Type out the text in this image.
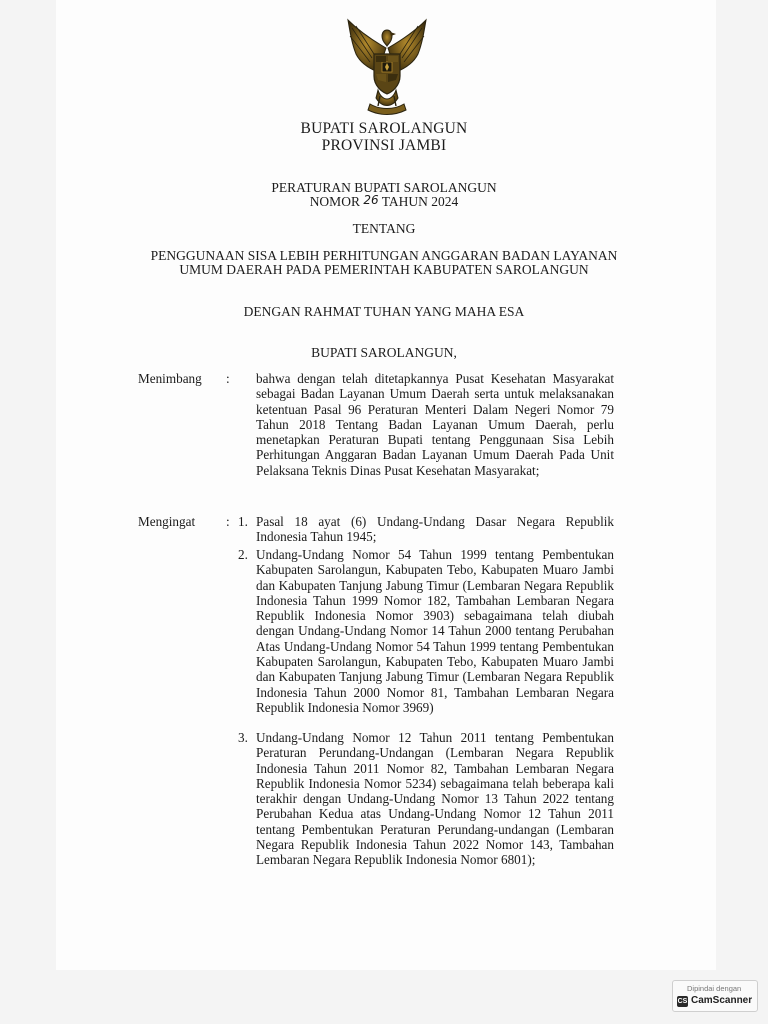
BUPATI SAROLANGUN
PROVINSI JAMBI
PERATURAN BUPATI SAROLANGUN
NOMOR 26 TAHUN 2024
TENTANG
PENGGUNAAN SISA LEBIH PERHITUNGAN ANGGARAN BADAN LAYANAN
UMUM DAERAH PADA PEMERINTAH KABUPATEN SAROLANGUN
DENGAN RAHMAT TUHAN YANG MAHA ESA
BUPATI SAROLANGUN,
Menimbang : bahwa dengan telah ditetapkannya Pusat Kesehatan Masyarakat sebagai Badan Layanan Umum Daerah serta untuk melaksanakan ketentuan Pasal 96 Peraturan Menteri Dalam Negeri Nomor 79 Tahun 2018 Tentang Badan Layanan Umum Daerah, perlu menetapkan Peraturan Bupati tentang Penggunaan Sisa Lebih Perhitungan Anggaran Badan Layanan Umum Daerah Pada Unit Pelaksana Teknis Dinas Pusat Kesehatan Masyarakat;
Mengingat : 1. Pasal 18 ayat (6) Undang-Undang Dasar Negara Republik Indonesia Tahun 1945;
2. Undang-Undang Nomor 54 Tahun 1999 tentang Pembentukan Kabupaten Sarolangun, Kabupaten Tebo, Kabupaten Muaro Jambi dan Kabupaten Tanjung Jabung Timur (Lembaran Negara Republik Indonesia Tahun 1999 Nomor 182, Tambahan Lembaran Negara Republik Indonesia Nomor 3903) sebagaimana telah diubah dengan Undang-Undang Nomor 14 Tahun 2000 tentang Perubahan Atas Undang-Undang Nomor 54 Tahun 1999 tentang Pembentukan Kabupaten Sarolangun, Kabupaten Tebo, Kabupaten Muaro Jambi dan Kabupaten Tanjung Jabung Timur (Lembaran Negara Republik Indonesia Tahun 2000 Nomor 81, Tambahan Lembaran Negara Republik Indonesia Nomor 3969)
3. Undang-Undang Nomor 12 Tahun 2011 tentang Pembentukan Peraturan Perundang-Undangan (Lembaran Negara Republik Indonesia Tahun 2011 Nomor 82, Tambahan Lembaran Negara Republik Indonesia Nomor 5234) sebagaimana telah beberapa kali terakhir dengan Undang-Undang Nomor 13 Tahun 2022 tentang Perubahan Kedua atas Undang-Undang Nomor 12 Tahun 2011 tentang Pembentukan Peraturan Perundang-undangan (Lembaran Negara Republik Indonesia Tahun 2022 Nomor 143, Tambahan Lembaran Negara Republik Indonesia Nomor 6801);
Dipindai dengan
CS CamScanner
